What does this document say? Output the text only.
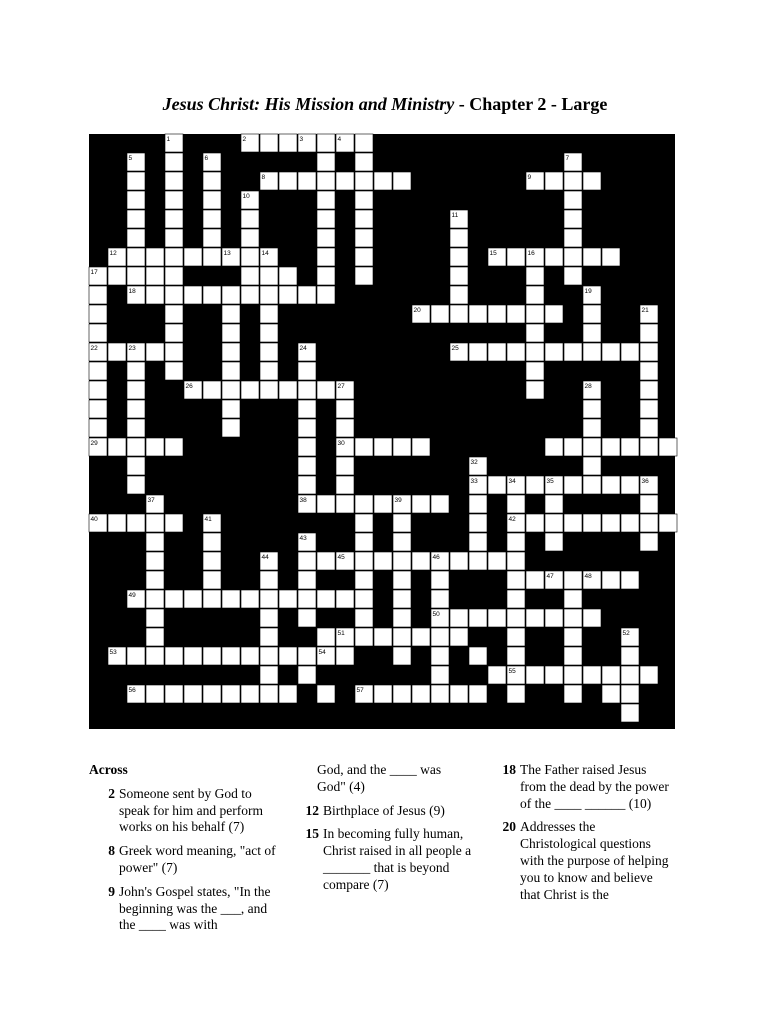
Jesus Christ: His Mission and Ministry - Chapter 2 - Large
1	2	3	4
5	6	7
8	9
10
11
12	13	14	15	16
17
18	19
20	21
22	23	24	25
26	27	28
29	30	31
32
33	34	35	36
37	38	39
40	41	42
43
44	45	46
47	48
49
50
51	52
53	54
55
56	57
Across
2 Someone sent by God to speak for him and perform works on his behalf (7)
8 Greek word meaning, "act of power" (7)
9 John's Gospel states, "In the beginning was the ___, and the ____ was with
God, and the ____ was God" (4)
12 Birthplace of Jesus (9)
15 In becoming fully human, Christ raised in all people a _______ that is beyond compare (7)
18 The Father raised Jesus from the dead by the power of the ____ ______ (10)
20 Addresses the Christological questions with the purpose of helping you to know and believe that Christ is the
